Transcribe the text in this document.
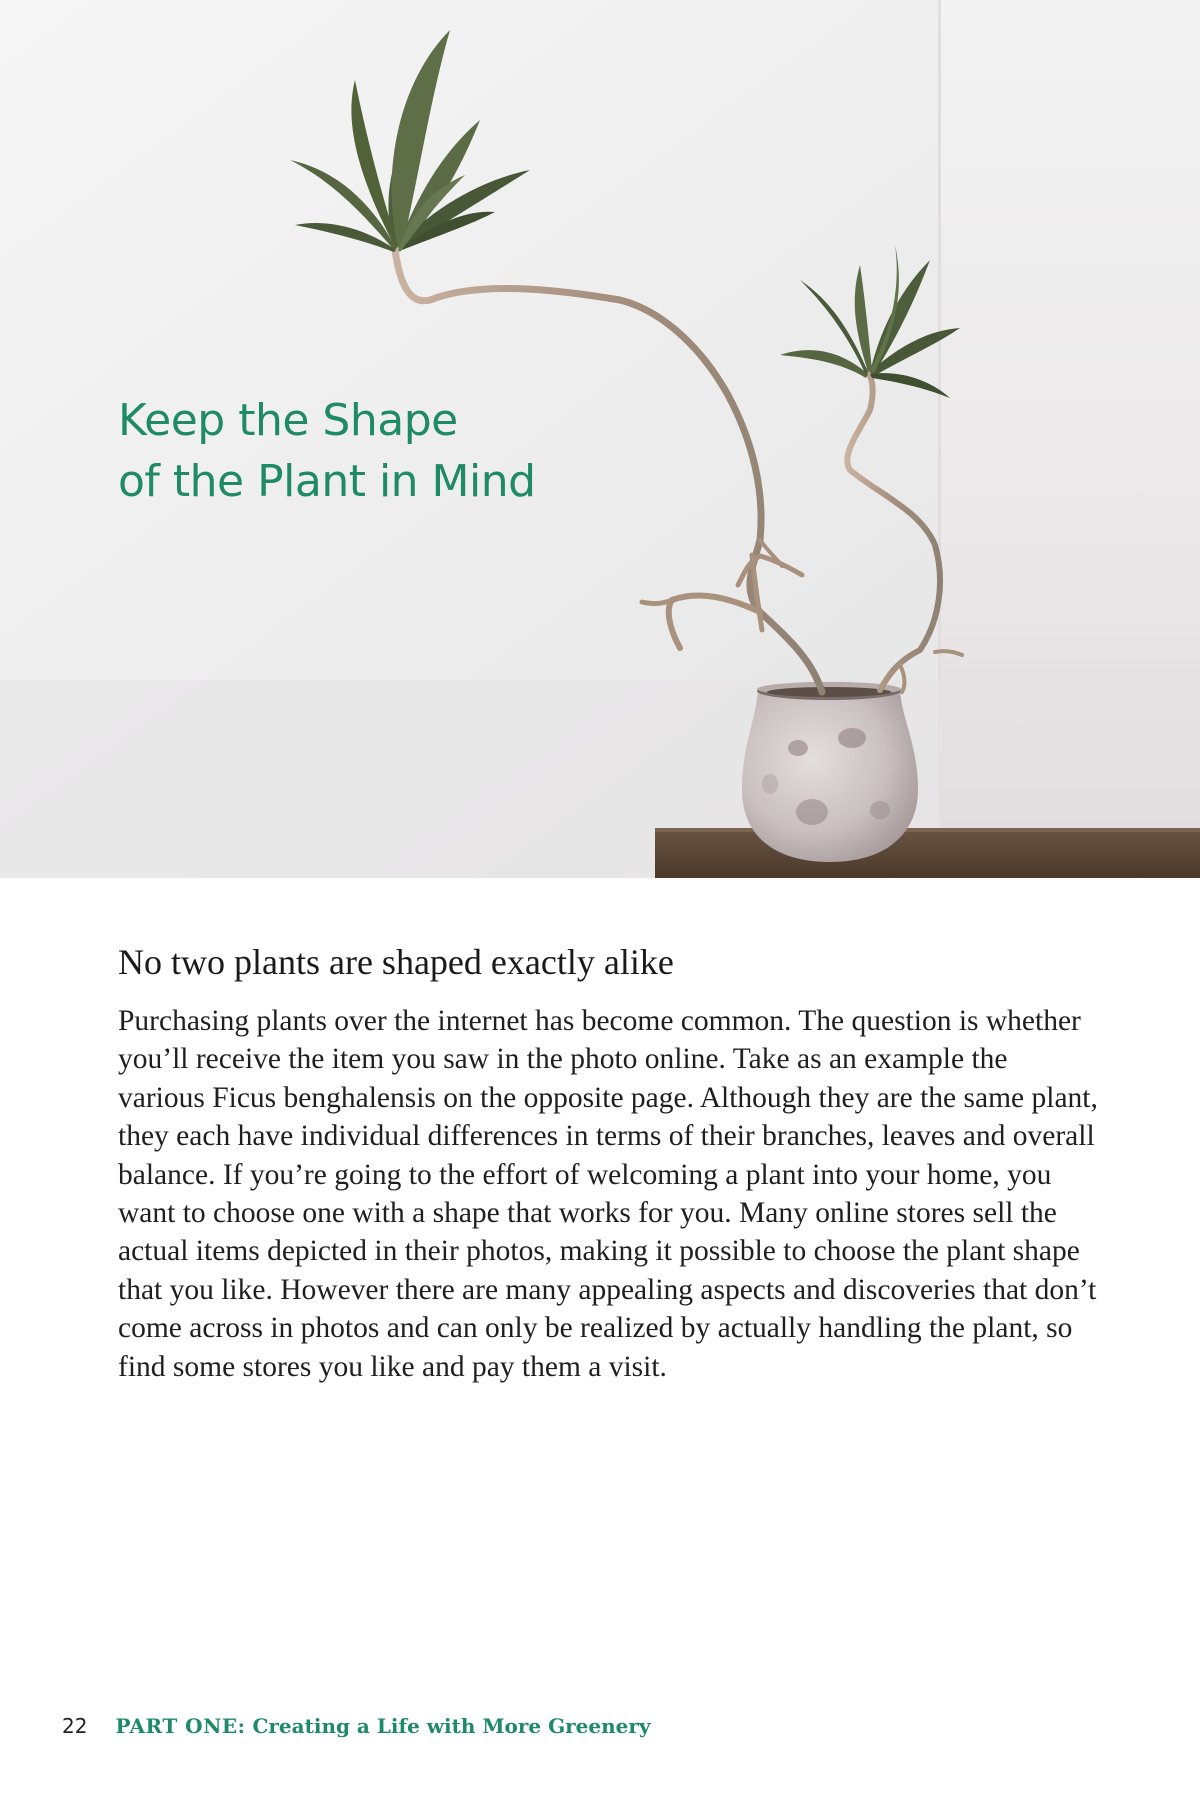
Keep the Shape
of the Plant in Mind
No two plants are shaped exactly alike

Purchasing plants over the internet has become common. The question is whether you’ll receive the item you saw in the photo online. Take as an example the various Ficus benghalensis on the opposite page. Although they are the same plant, they each have individual differences in terms of their branches, leaves and overall balance. If you’re going to the effort of welcoming a plant into your home, you want to choose one with a shape that works for you. Many online stores sell the actual items depicted in their photos, making it possible to choose the plant shape that you like. However there are many appealing aspects and discoveries that don’t come across in photos and can only be realized by actually handling the plant, so find some stores you like and pay them a visit.

22 PART ONE: Creating a Life with More Greenery
